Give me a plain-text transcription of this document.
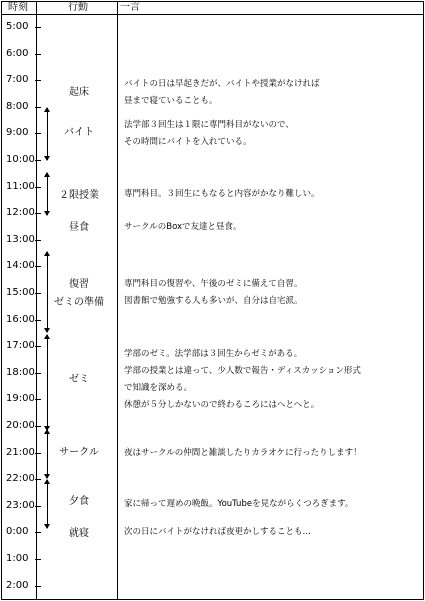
時刻	行動	一言
5:00
6:00
7:00
8:00
9:00
10:00
11:00
12:00
13:00
14:00
15:00
16:00
17:00
18:00
19:00
20:00
21:00
22:00
23:00
0:00
1:00
2:00
起床
バイト
２限授業
昼食
復習
ゼミの準備
ゼミ
サークル
夕食
就寝
バイトの日は早起きだが、バイトや授業がなければ
昼まで寝ていることも。
法学部３回生は１限に専門科目がないので、
その時間にバイトを入れている。
専門科目。３回生にもなると内容がかなり難しい。
サークルのBoxで友達と昼食。
専門科目の復習や、午後のゼミに備えて自習。
図書館で勉強する人も多いが、自分は自宅派。
学部のゼミ。法学部は３回生からゼミがある。
学部の授業とは違って、少人数で報告・ディスカッション形式
で知識を深める。
休憩が５分しかないので終わるころにはへとへと。
夜はサークルの仲間と雑談したりカラオケに行ったりします！
家に帰って遅めの晩飯。YouTubeを見ながらくつろぎます。
次の日にバイトがなければ夜更かしすることも…
